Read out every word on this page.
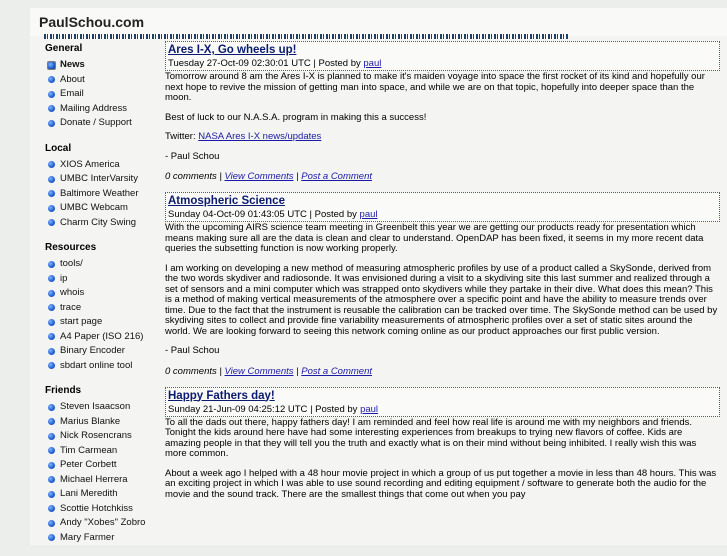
PaulSchou.com
General
News
About
Email
Mailing Address
Donate / Support
Local
XIOS America
UMBC InterVarsity
Baltimore Weather
UMBC Webcam
Charm City Swing
Resources
tools/
ip
whois
trace
start page
A4 Paper (ISO 216)
Binary Encoder
sbdart online tool
Friends
Steven Isaacson
Marius Blanke
Nick Rosencrans
Tim Carmean
Peter Corbett
Michael Herrera
Lani Meredith
Scottie Hotchkiss
Andy "Xobes" Zobro
Mary Farmer
Ares I-X, Go wheels up!
Tuesday 27-Oct-09 02:30:01 UTC | Posted by paul

Tomorrow around 8 am the Ares I-X is planned to make it's maiden voyage into space the first rocket of its kind and hopefully our next hope to revive the mission of getting man into space, and while we are on that topic, hopefully into deeper space than the moon.

Best of luck to our N.A.S.A. program in making this a success!

Twitter: NASA Ares I-X news/updates

- Paul Schou

0 comments | View Comments | Post a Comment
Atmospheric Science
Sunday 04-Oct-09 01:43:05 UTC | Posted by paul

With the upcoming AIRS science team meeting in Greenbelt this year we are getting our products ready for presentation which means making sure all are the data is clean and clear to understand. OpenDAP has been fixed, it seems in my more recent data queries the subsetting function is now working properly.

I am working on developing a new method of measuring atmospheric profiles by use of a product called a SkySonde, derived from the two words skydiver and radiosonde. It was envisioned during a visit to a skydiving site this last summer and realized through a set of sensors and a mini computer which was strapped onto skydivers while they partake in their dive. What does this mean? This is a method of making vertical measurements of the atmosphere over a specific point and have the ability to measure trends over time. Due to the fact that the instrument is reusable the calibration can be tracked over time. The SkySonde method can be used by skydiving sites to collect and provide fine variability measurements of atmospheric profiles over a set of static sites around the world. We are looking forward to seeing this network coming online as our product approaches our first public version.

- Paul Schou

0 comments | View Comments | Post a Comment
Happy Fathers day!
Sunday 21-Jun-09 04:25:12 UTC | Posted by paul

To all the dads out there, happy fathers day! I am reminded and feel how real life is around me with my neighbors and friends. Tonight the kids around here have had some interesting experiences from breakups to trying new flavors of coffee. Kids are amazing people in that they will tell you the truth and exactly what is on their mind without being inhibited. I really wish this was more common.

About a week ago I helped with a 48 hour movie project in which a group of us put together a movie in less than 48 hours. This was an exciting project in which I was able to use sound recording and editing equipment / software to generate both the audio for the movie and the sound track. There are the smallest things that come out when you pay
